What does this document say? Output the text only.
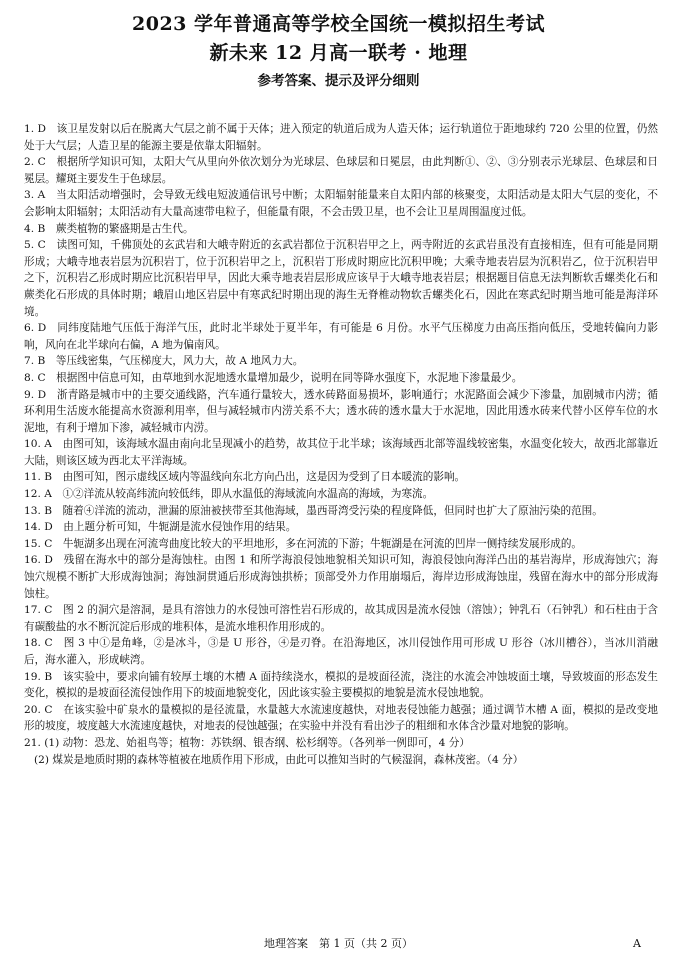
2023 学年普通高等学校全国统一模拟招生考试
新未来 12 月高一联考 · 地理
参考答案、提示及评分细则

1. D　该卫星发射以后在脱离大气层之前不属于天体；进入预定的轨道后成为人造天体；运行轨道位于距地球约 720 公里的位置，仍然处于大气层；人造卫星的能源主要是依靠太阳辐射。

2. C　根据所学知识可知，太阳大气从里向外依次划分为光球层、色球层和日冕层，由此判断①、②、③分别表示光球层、色球层和日冕层。耀斑主要发生于色球层。

3. A　当太阳活动增强时，会导致无线电短波通信讯号中断；太阳辐射能量来自太阳内部的核聚变，太阳活动是太阳大气层的变化，不会影响太阳辐射；太阳活动有大量高速带电粒子，但能量有限，不会击毁卫星，也不会让卫星周围温度过低。

4. B　蕨类植物的繁盛期是古生代。

5. C　读图可知，千佛顶处的玄武岩和大峨寺附近的玄武岩都位于沉积岩甲之上，两寺附近的玄武岩虽没有直接相连，但有可能是同期形成；大峨寺地表岩层为沉积岩丁，位于沉积岩甲之上，沉积岩丁形成时期应比沉积甲晚；大乘寺地表岩层为沉积岩乙，位于沉积岩甲之下，沉积岩乙形成时期应比沉积岩甲早，因此大乘寺地表岩层形成应该早于大峨寺地表岩层；根据题目信息无法判断软舌螺类化石和蕨类化石形成的具体时期；峨眉山地区岩层中有寒武纪时期出现的海生无脊椎动物软舌螺类化石，因此在寒武纪时期当地可能是海洋环境。

6. D　同纬度陆地气压低于海洋气压，此时北半球处于夏半年，有可能是 6 月份。水平气压梯度力由高压指向低压，受地转偏向力影响，风向在北半球向右偏，A 地为偏南风。

7. B　等压线密集，气压梯度大，风力大，故 A 地风力大。

8. C　根据图中信息可知，由草地到水泥地透水量增加最少，说明在同等降水强度下，水泥地下渗量最少。

9. D　浙青路是城市中的主要交通线路，汽车通行量较大，透水砖路面易损坏，影响通行；水泥路面会减少下渗量，加剧城市内涝；循环利用生活废水能提高水资源利用率，但与减轻城市内涝关系不大；透水砖的透水量大于水泥地，因此用透水砖来代替小区停车位的水泥地，有利于增加下渗，减轻城市内涝。

10. A　由图可知，该海域水温由南向北呈现减小的趋势，故其位于北半球；该海域西北部等温线较密集，水温变化较大，故西北部靠近大陆，则该区域为西北太平洋海域。

11. B　由图可知，图示虚线区域内等温线向东北方向凸出，这是因为受到了日本暖流的影响。

12. A　①②洋流从较高纬流向较低纬，即从水温低的海域流向水温高的海域，为寒流。

13. B　随着④洋流的流动，泄漏的原油被挟带至其他海域，墨西哥湾受污染的程度降低，但同时也扩大了原油污染的范围。

14. D　由上题分析可知，牛轭湖是流水侵蚀作用的结果。

15. C　牛轭湖多出现在河流弯曲度比较大的平坦地形，多在河流的下游；牛轭湖是在河流的凹岸一侧持续发展形成的。

16. D　残留在海水中的部分是海蚀柱。由图 1 和所学海浪侵蚀地貌相关知识可知，海浪侵蚀向海洋凸出的基岩海岸，形成海蚀穴；海蚀穴规模不断扩大形成海蚀洞；海蚀洞贯通后形成海蚀拱桥；顶部受外力作用崩塌后，海岸边形成海蚀崖，残留在海水中的部分形成海蚀柱。

17. C　图 2 的洞穴是溶洞，是具有溶蚀力的水侵蚀可溶性岩石形成的，故其成因是流水侵蚀（溶蚀）；钟乳石（石钟乳）和石柱由于含有碳酸盐的水不断沉淀后形成的堆积体，是流水堆积作用形成的。

18. C　图 3 中①是角峰，②是冰斗，③是 U 形谷，④是刃脊。在沿海地区，冰川侵蚀作用可形成 U 形谷（冰川槽谷），当冰川消融后，海水灌入，形成峡湾。

19. B　该实验中，要求向铺有较厚土壤的木槽 A 面持续浇水，模拟的是坡面径流，浇注的水流会冲蚀坡面土壤，导致坡面的形态发生变化，模拟的是坡面径流侵蚀作用下的坡面地貌变化，因此该实验主要模拟的地貌是流水侵蚀地貌。

20. C　在该实验中矿泉水的量模拟的是径流量，水量越大水流速度越快，对地表侵蚀能力越强；通过调节木槽 A 面，模拟的是改变地形的坡度，坡度越大水流速度越快，对地表的侵蚀越强；在实验中并没有看出沙子的粗细和水体含沙量对地貌的影响。

21. (1) 动物：恐龙、始祖鸟等；植物：苏铁纲、银杏纲、松杉纲等。（各列举一例即可，4 分）

(2) 煤炭是地质时期的森林等植被在地质作用下形成，由此可以推知当时的气候湿润，森林茂密。（4 分）

地理答案　第 1 页（共 2 页）	A
